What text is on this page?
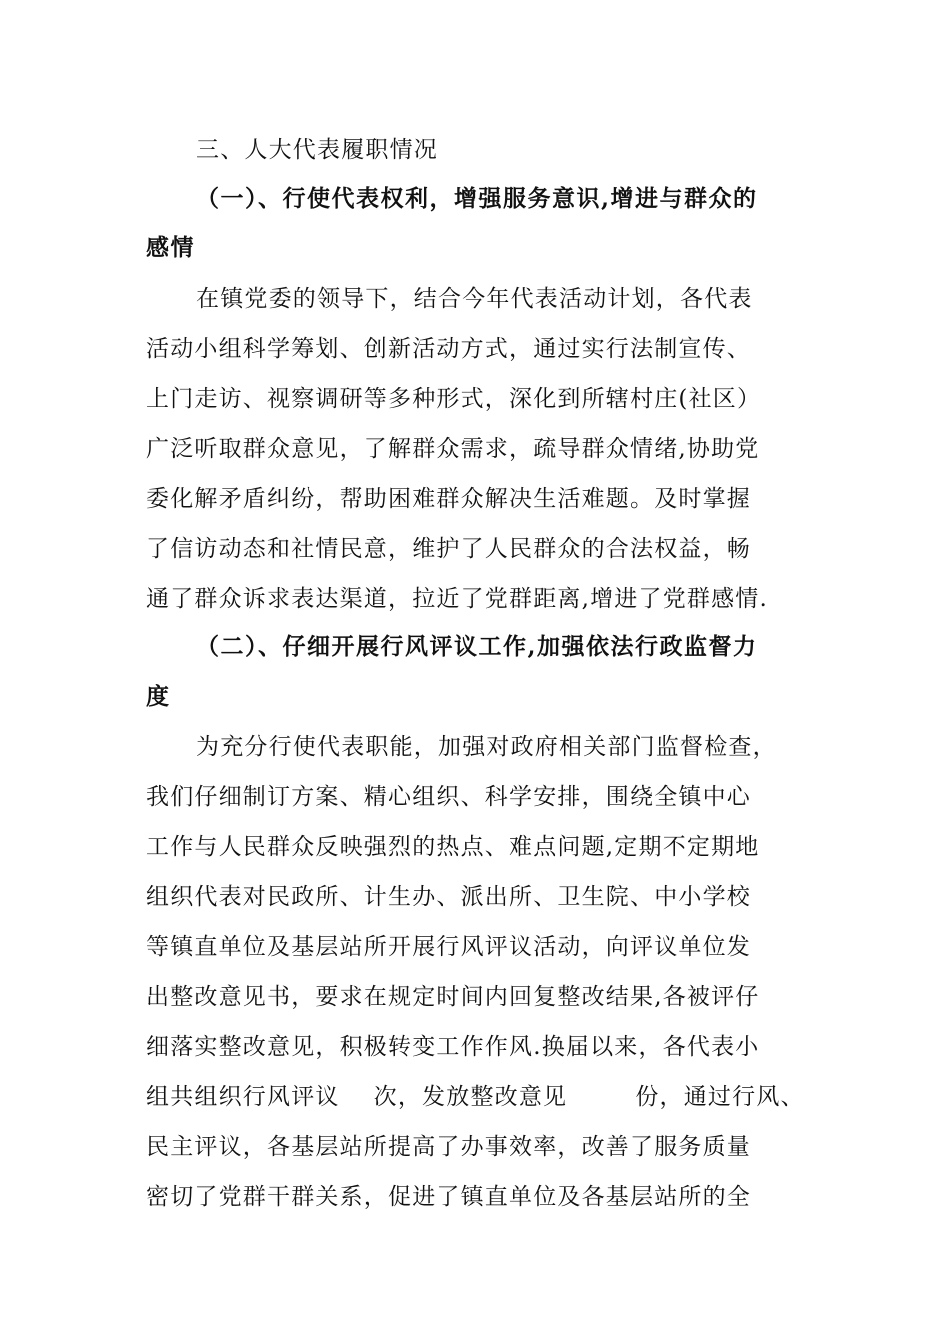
三、人大代表履职情况
（一）、行使代表权利，增强服务意识,增进与群众的
感情
在镇党委的领导下，结合今年代表活动计划，各代表
活动小组科学筹划、创新活动方式，通过实行法制宣传、
上门走访、视察调研等多种形式，深化到所辖村庄(社区）
广泛听取群众意见，了解群众需求，疏导群众情绪,协助党
委化解矛盾纠纷，帮助困难群众解决生活难题。及时掌握
了信访动态和社情民意，维护了人民群众的合法权益，畅
通了群众诉求表达渠道，拉近了党群距离,增进了党群感情.
（二）、仔细开展行风评议工作,加强依法行政监督力
度
为充分行使代表职能，加强对政府相关部门监督检查，
我们仔细制订方案、精心组织、科学安排，围绕全镇中心
工作与人民群众反映强烈的热点、难点问题,定期不定期地
组织代表对民政所、计生办、派出所、卫生院、中小学校
等镇直单位及基层站所开展行风评议活动，向评议单位发
出整改意见书，要求在规定时间内回复整改结果,各被评仔
细落实整改意见，积极转变工作作风.换届以来，各代表小
组共组织行风评议    次，发放整改意见        份，通过行风、
民主评议，各基层站所提高了办事效率，改善了服务质量
密切了党群干群关系，促进了镇直单位及各基层站所的全
